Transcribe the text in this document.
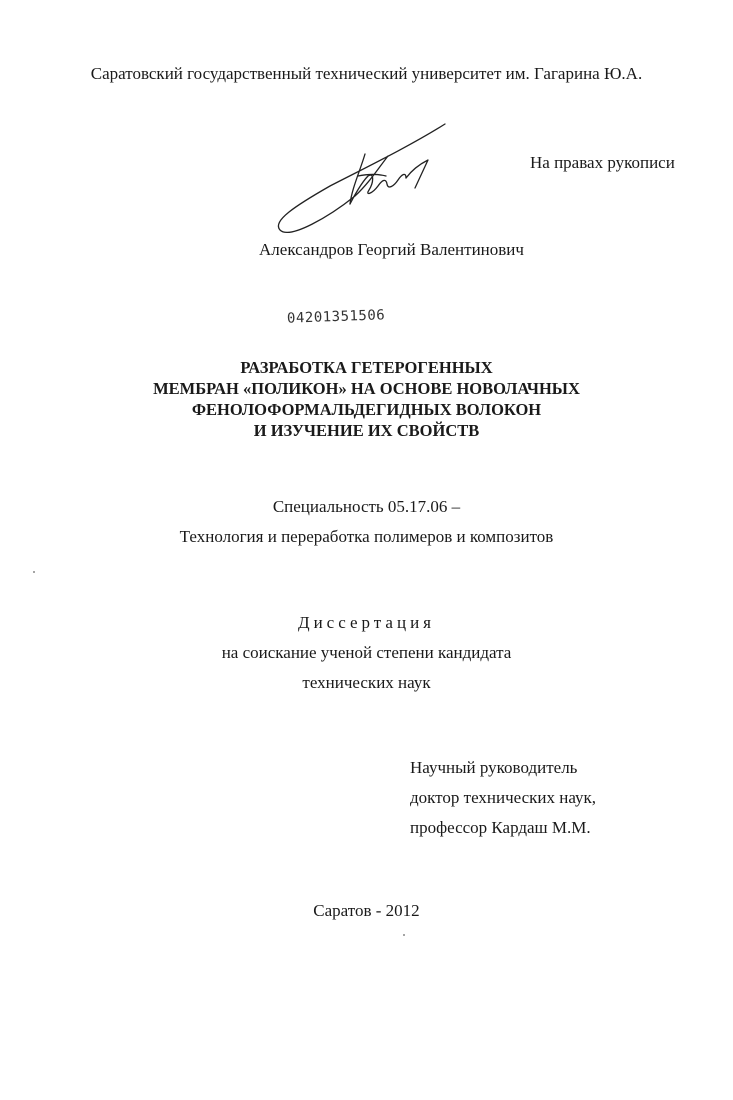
Саратовский государственный технический университет им. Гагарина Ю.А.
На правах рукописи
Александров Георгий Валентинович
04201351506
РАЗРАБОТКА ГЕТЕРОГЕННЫХ
МЕМБРАН «ПОЛИКОН» НА ОСНОВЕ НОВОЛАЧНЫХ
ФЕНОЛОФОРМАЛЬДЕГИДНЫХ ВОЛОКОН
И ИЗУЧЕНИЕ ИХ СВОЙСТВ
Специальность 05.17.06 –
Технология и переработка полимеров и композитов
Диссертация
на соискание ученой степени кандидата
технических наук
Научный руководитель
доктор технических наук,
профессор Кардаш М.М.
Саратов - 2012
